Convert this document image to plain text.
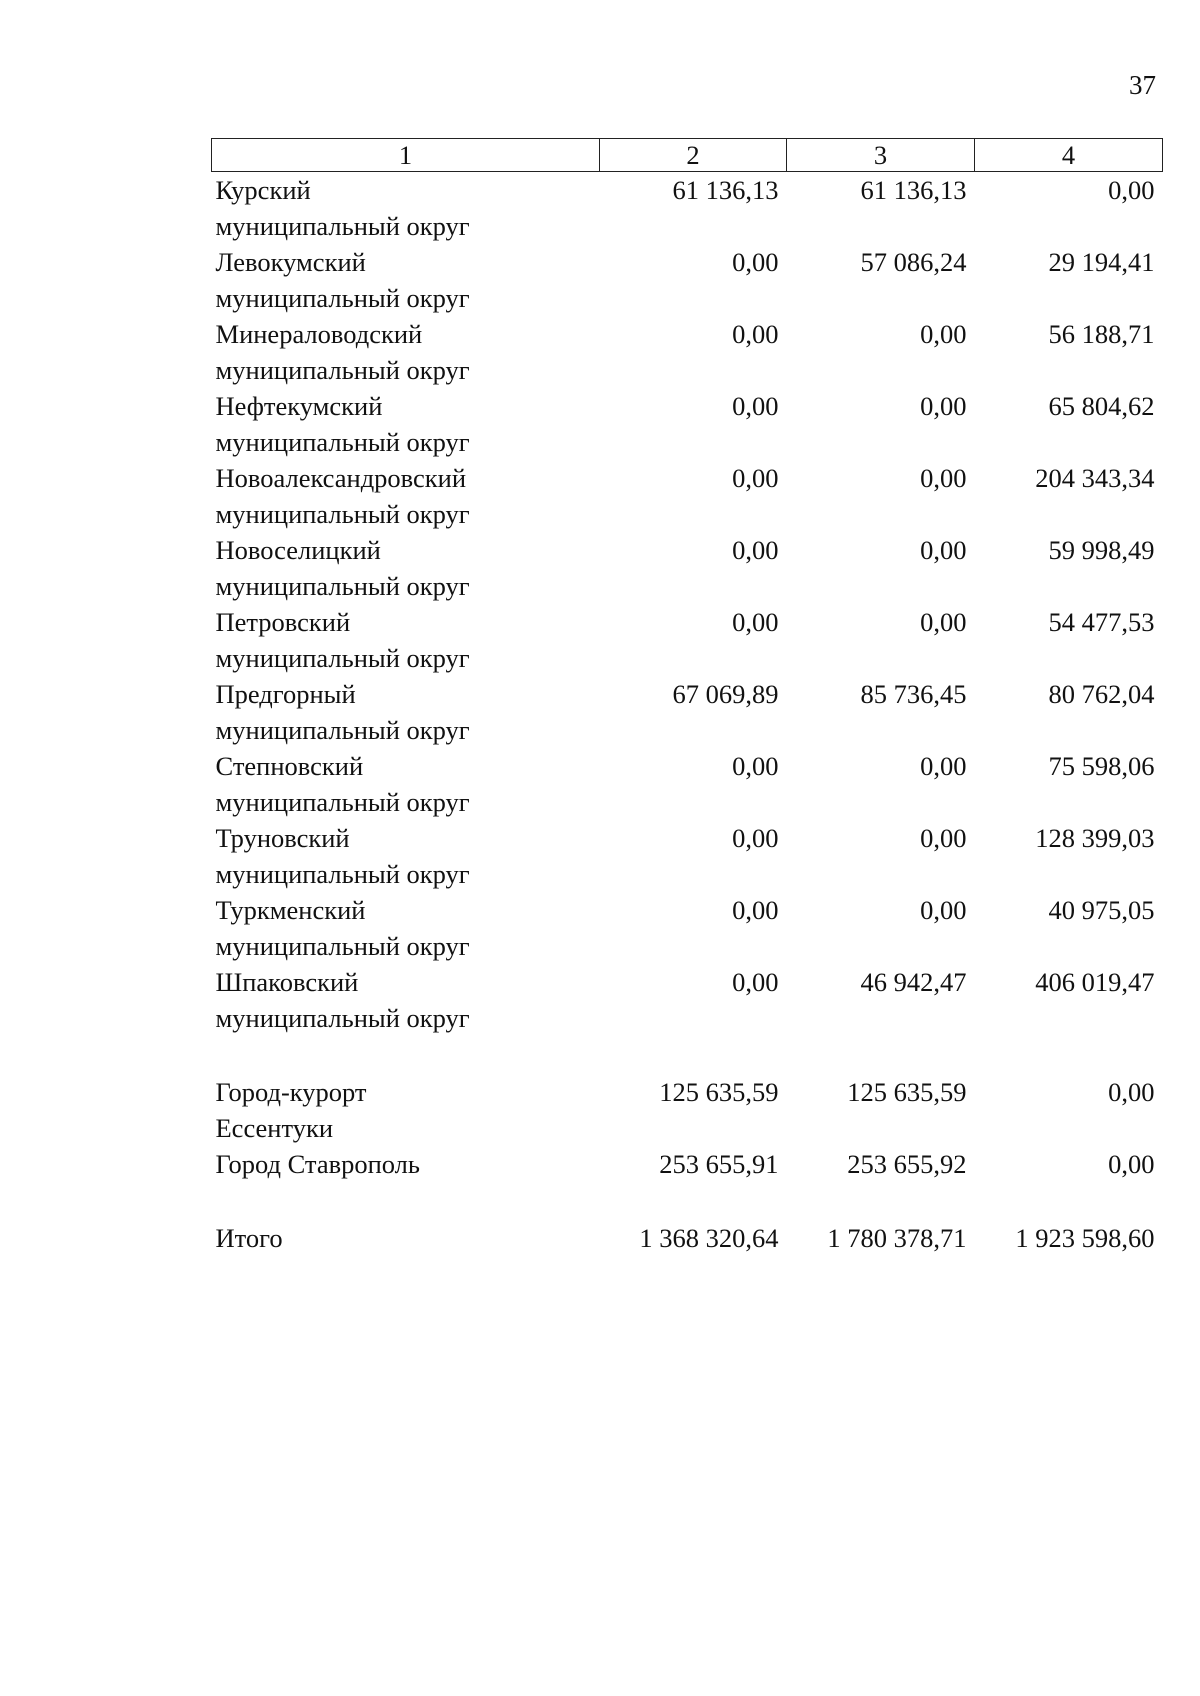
37
1	2	3	4
Курский	61 136,13	61 136,13	0,00
муниципальный округ			
Левокумский	0,00	57 086,24	29 194,41
муниципальный округ			
Минераловодский	0,00	0,00	56 188,71
муниципальный округ			
Нефтекумский	0,00	0,00	65 804,62
муниципальный округ			
Новоалександровский	0,00	0,00	204 343,34
муниципальный округ			
Новоселицкий	0,00	0,00	59 998,49
муниципальный округ			
Петровский	0,00	0,00	54 477,53
муниципальный округ			
Предгорный	67 069,89	85 736,45	80 762,04
муниципальный округ			
Степновский	0,00	0,00	75 598,06
муниципальный округ			
Труновский	0,00	0,00	128 399,03
муниципальный округ			
Туркменский	0,00	0,00	40 975,05
муниципальный округ			
Шпаковский	0,00	46 942,47	406 019,47
муниципальный округ			

Город-курорт	125 635,59	125 635,59	0,00
Ессентуки			
Город Ставрополь	253 655,91	253 655,92	0,00

Итого	1 368 320,64	1 780 378,71	1 923 598,60
